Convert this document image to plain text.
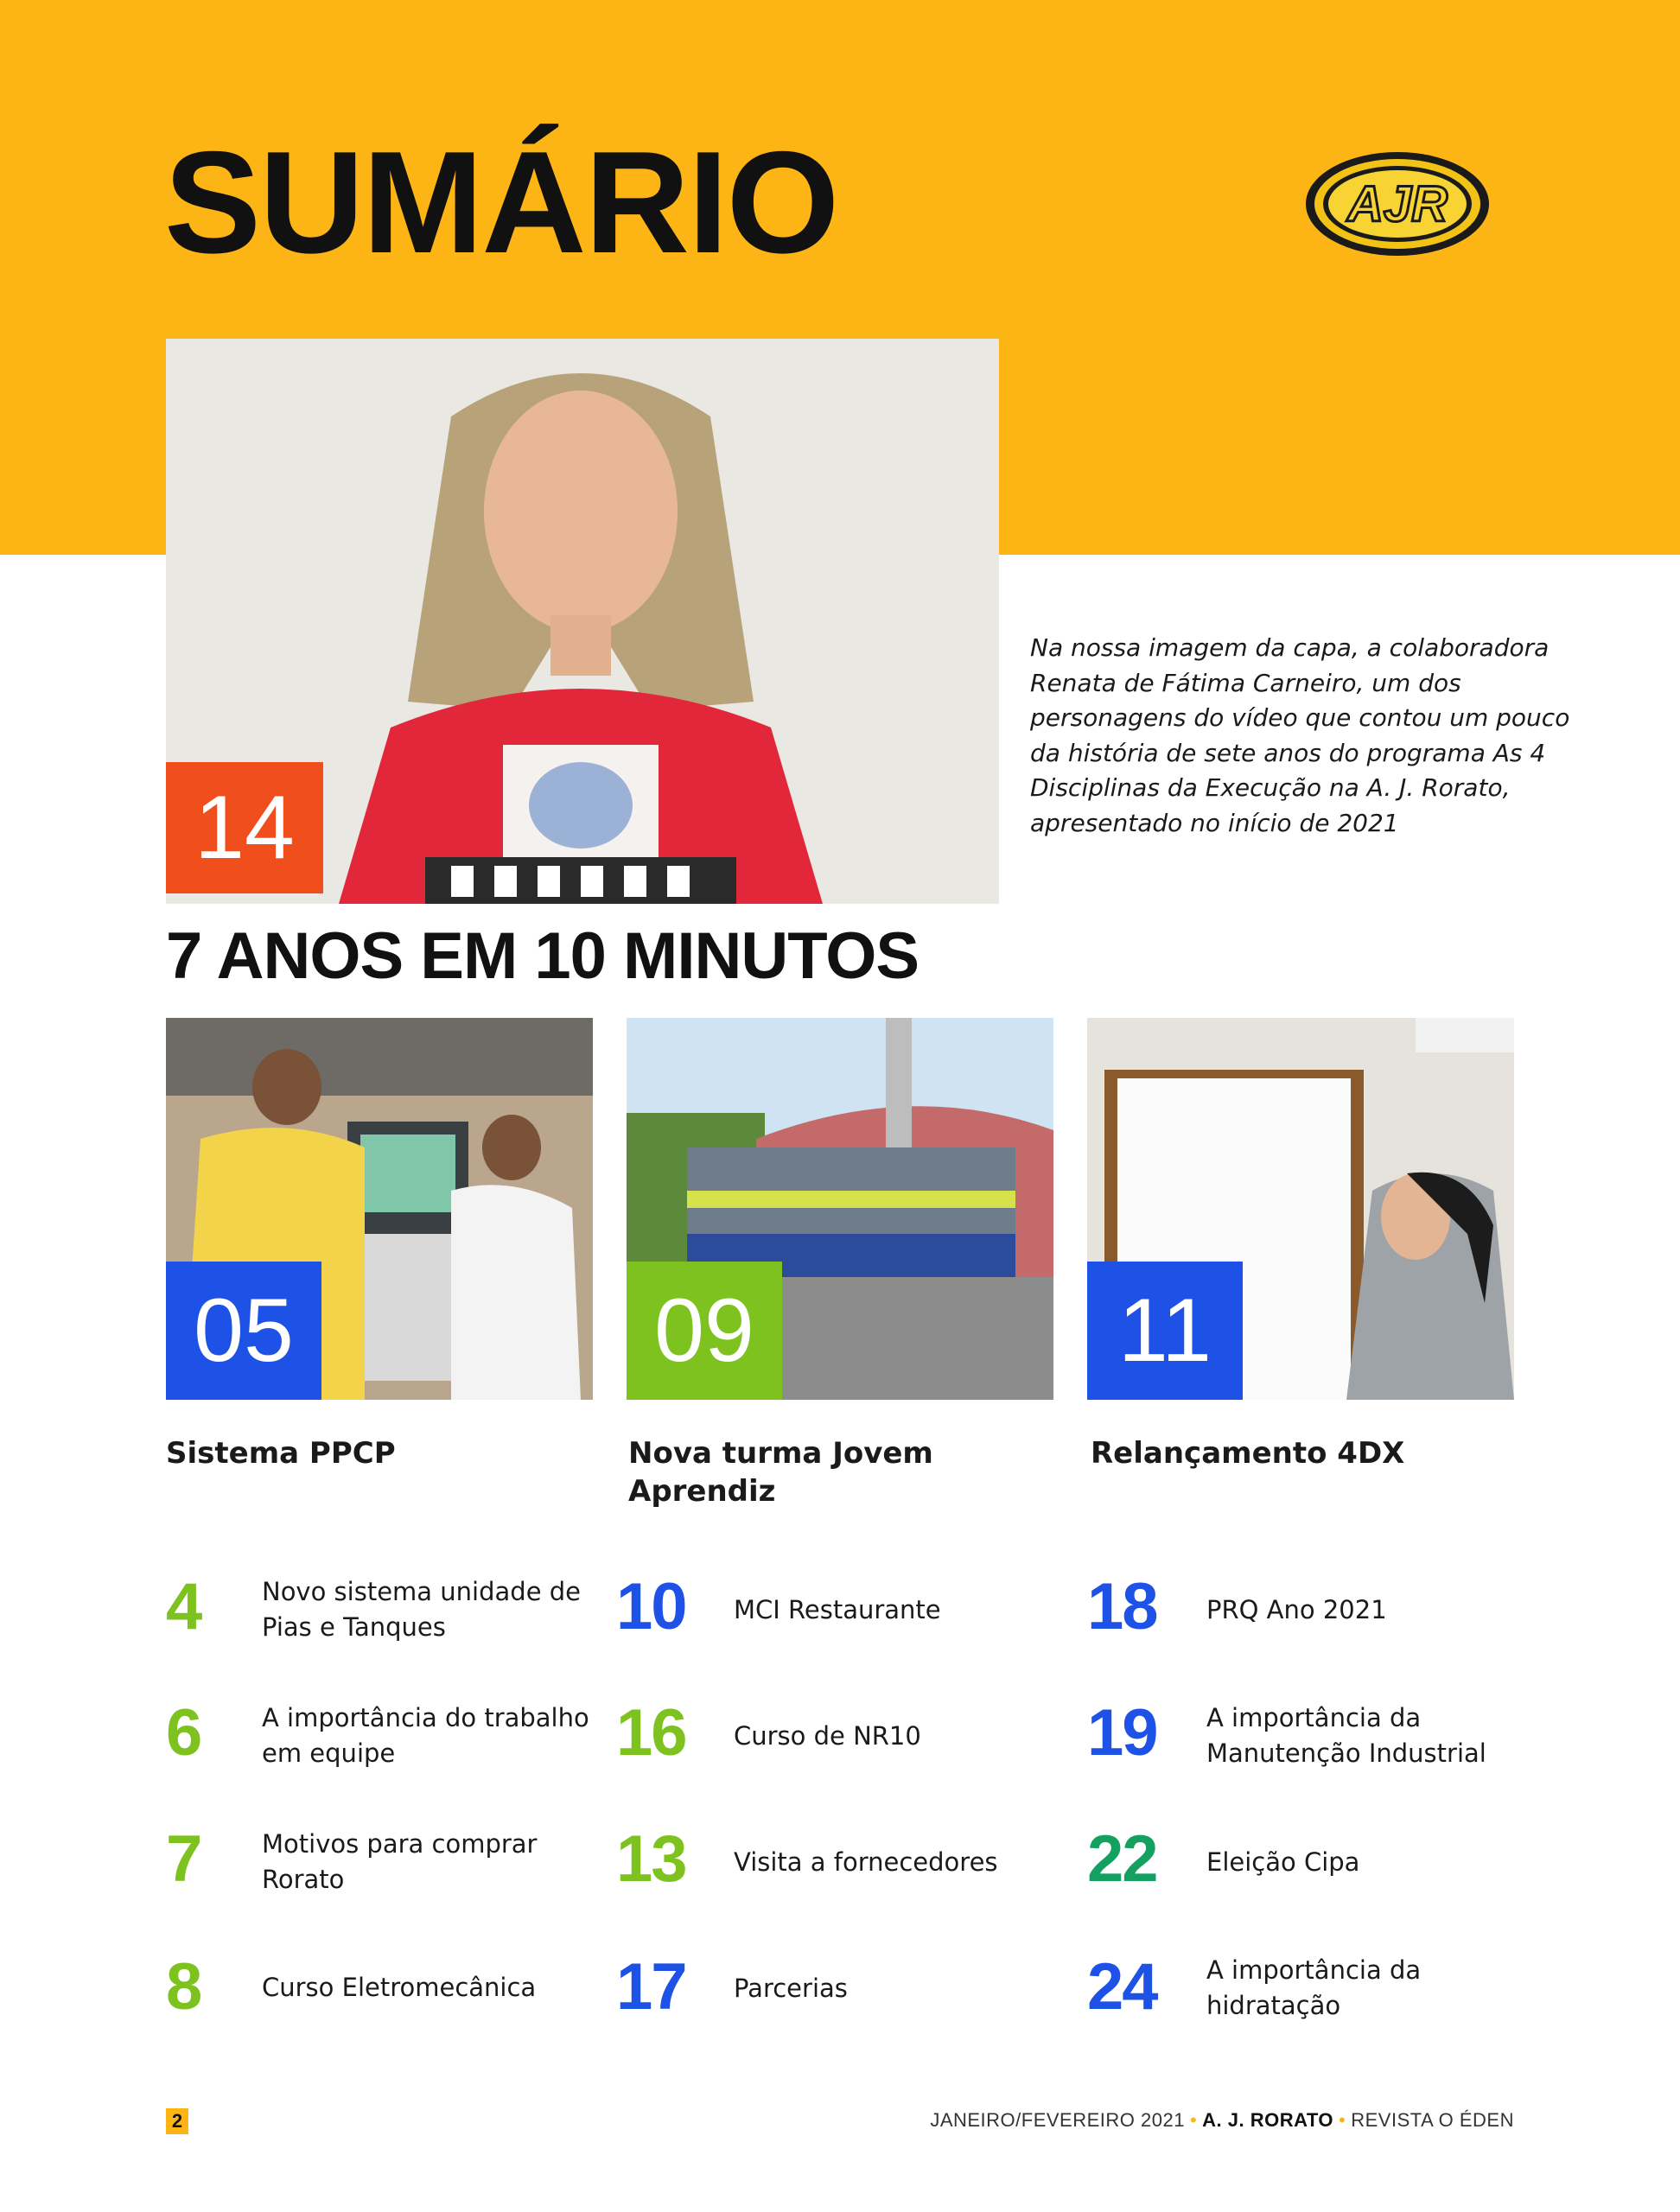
SUMÁRIO	AJR
14

Na nossa imagem da capa, a colaboradora Renata de Fátima Carneiro, um dos personagens do vídeo que contou um pouco da história de sete anos do programa As 4 Disciplinas da Execução na A. J. Rorato, apresentado no início de 2021

7 ANOS EM 10 MINUTOS
05
Sistema PPCP
09
Nova turma Jovem Aprendiz
11
Relançamento 4DX
4 Novo sistema unidade de Pias e Tanques
6 A importância do trabalho em equipe
7 Motivos para comprar Rorato
8 Curso Eletromecânica
10 MCI Restaurante
16 Curso de NR10
13 Visita a fornecedores
17 Parcerias
18 PRQ Ano 2021
19 A importância da Manutenção Industrial
22 Eleição Cipa
24 A importância da hidratação
2	JANEIRO/FEVEREIRO 2021 • A. J. RORATO • REVISTA O ÉDEN
